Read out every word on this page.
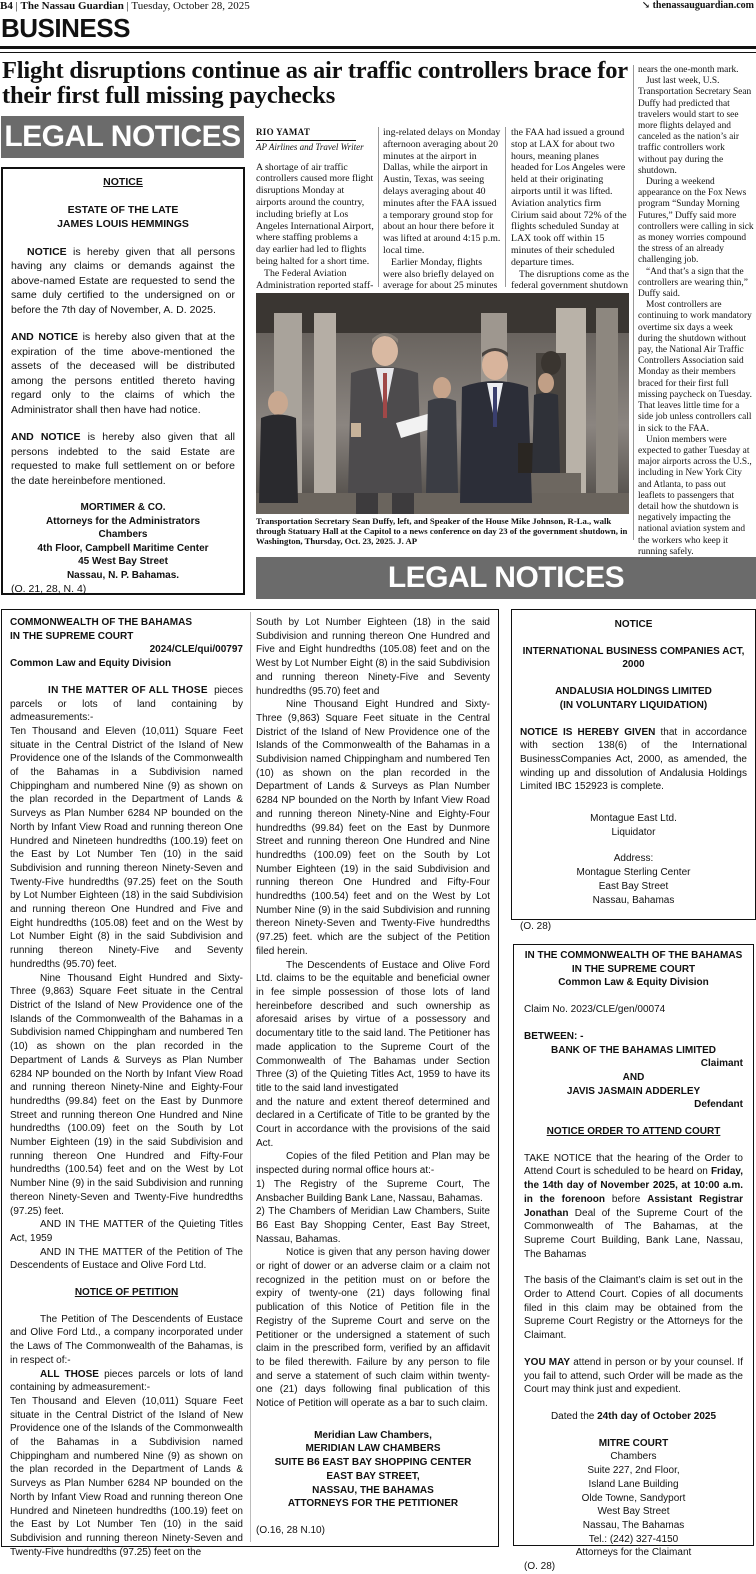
B4 | The Nassau Guardian | Tuesday, October 28, 2025	↘ thenassauguardian.com
BUSINESS
Flight disruptions continue as air traffic controllers brace for their first full missing paychecks
LEGAL NOTICES

NOTICE

ESTATE OF THE LATE

JAMES LOUIS HEMMINGS

NOTICE is hereby given that all persons having any claims or demands against the above-named Estate are requested to send the same duly certified to the undersigned on or before the 7th day of November, A. D. 2025.

AND NOTICE is hereby also given that at the expiration of the time above-mentioned the assets of the deceased will be distributed among the persons entitled thereto having regard only to the claims of which the Administrator shall then have had notice.

AND NOTICE is hereby also given that all persons indebted to the said Estate are requested to make full settlement on or before the date hereinbefore mentioned.

MORTIMER & CO.

Attorneys for the Administrators

Chambers

4th Floor, Campbell Maritime Center

45 West Bay Street

Nassau, N. P. Bahamas.

(O. 21, 28, N. 4)

RIO YAMAT
AP Airlines and Travel Writer

A shortage of air traffic controllers caused more flight disruptions Monday at airports around the country, including briefly at Los Angeles International Airport, where staffing problems a day earlier had led to flights being halted for a short time.

The Federal Aviation Administration reported staff-

ing-related delays on Monday afternoon averaging about 20 minutes at the airport in Dallas, while the airport in Austin, Texas, was seeing delays averaging about 40 minutes after the FAA issued a temporary ground stop for about an hour there before it was lifted at around 4:15 p.m. local time.

Earlier Monday, flights were also briefly delayed on average for about 25 minutes

the FAA had issued a ground stop at LAX for about two hours, meaning planes headed for Los Angeles were held at their originating airports until it was lifted. Aviation analytics firm Cirium said about 72% of the flights scheduled Sunday at LAX took off within 15 minutes of their scheduled departure times.

The disruptions come as the federal government shutdown

nears the one-month mark.

Just last week, U.S. Transportation Secretary Sean Duffy had predicted that travelers would start to see more flights delayed and canceled as the nation’s air traffic controllers work without pay during the shutdown.

During a weekend appearance on the Fox News program “Sunday Morning Futures,” Duffy said more controllers were calling in sick as money worries compound the stress of an already challenging job.

“And that’s a sign that the controllers are wearing thin,” Duffy said.

Most controllers are continuing to work mandatory overtime six days a week during the shutdown without pay, the National Air Traffic Controllers Association said Monday as their members braced for their first full missing paycheck on Tuesday. That leaves little time for a side job unless controllers call in sick to the FAA.

Union members were expected to gather Tuesday at major airports across the U.S., including in New York City and Atlanta, to pass out leaflets to passengers that detail how the shutdown is negatively impacting the national aviation system and the workers who keep it running safely.

Transportation Secretary Sean Duffy, left, and Speaker of the House Mike Johnson, R-La., walk through Statuary Hall at the Capitol to a news conference on day 23 of the government shutdown, in Washington, Thursday, Oct. 23, 2025. J. AP
LEGAL NOTICES

COMMONWEALTH OF THE BAHAMAS

IN THE SUPREME COURT

2024/CLE/qui/00797

Common Law and Equity Division

IN THE MATTER OF ALL THOSE pieces parcels or lots of land containing by admeasurements:-

Ten Thousand and Eleven (10,011) Square Feet situate in the Central District of the Island of New Providence one of the Islands of the Commonwealth of the Bahamas in a Subdivision named Chippingham and numbered Nine (9) as shown on the plan recorded in the Department of Lands & Surveys as Plan Number 6284 NP bounded on the North by Infant View Road and running thereon One Hundred and Nineteen hundredths (100.19) feet on the East by Lot Number Ten (10) in the said Subdivision and running thereon Ninety-Seven and Twenty-Five hundredths (97.25) feet on the South by Lot Number Eighteen (18) in the said Subdivision and running thereon One Hundred and Five and Eight hundredths (105.08) feet and on the West by Lot Number Eight (8) in the said Subdivision and running thereon Ninety-Five and Seventy hundredths (95.70) feet.

Nine Thousand Eight Hundred and Sixty-Three (9,863) Square Feet situate in the Central District of the Island of New Providence one of the Islands of the Commonwealth of the Bahamas in a Subdivision named Chippingham and numbered Ten (10) as shown on the plan recorded in the Department of Lands & Surveys as Plan Number 6284 NP bounded on the North by Infant View Road and running thereon Ninety-Nine and Eighty-Four hundredths (99.84) feet on the East by Dunmore Street and running thereon One Hundred and Nine hundredths (100.09) feet on the South by Lot Number Eighteen (19) in the said Subdivision and running thereon One Hundred and Fifty-Four hundredths (100.54) feet and on the West by Lot Number Nine (9) in the said Subdivision and running thereon Ninety-Seven and Twenty-Five hundredths (97.25) feet.

AND IN THE MATTER of the Quieting Titles Act, 1959

AND IN THE MATTER of the Petition of The Descendents of Eustace and Olive Ford Ltd.

NOTICE OF PETITION

The Petition of The Descendents of Eustace and Olive Ford Ltd., a company incorporated under the Laws of The Commonwealth of the Bahamas, is in respect of:-

ALL THOSE pieces parcels or lots of land containing by admeasurement:-

Ten Thousand and Eleven (10,011) Square Feet situate in the Central District of the Island of New Providence one of the Islands of the Commonwealth of the Bahamas in a Subdivision named Chippingham and numbered Nine (9) as shown on the plan recorded in the Department of Lands & Surveys as Plan Number 6284 NP bounded on the North by Infant View Road and running thereon One Hundred and Nineteen hundredths (100.19) feet on the East by Lot Number Ten (10) in the said Subdivision and running thereon Ninety-Seven and Twenty-Five hundredths (97.25) feet on the

South by Lot Number Eighteen (18) in the said Subdivision and running thereon One Hundred and Five and Eight hundredths (105.08) feet and on the West by Lot Number Eight (8) in the said Subdivision and running thereon Ninety-Five and Seventy hundredths (95.70) feet and

Nine Thousand Eight Hundred and Sixty-Three (9,863) Square Feet situate in the Central District of the Island of New Providence one of the Islands of the Commonwealth of the Bahamas in a Subdivision named Chippingham and numbered Ten (10) as shown on the plan recorded in the Department of Lands & Surveys as Plan Number 6284 NP bounded on the North by Infant View Road and running thereon Ninety-Nine and Eighty-Four hundredths (99.84) feet on the East by Dunmore Street and running thereon One Hundred and Nine hundredths (100.09) feet on the South by Lot Number Eighteen (19) in the said Subdivision and running thereon One Hundred and Fifty-Four hundredths (100.54) feet and on the West by Lot Number Nine (9) in the said Subdivision and running thereon Ninety-Seven and Twenty-Five hundredths (97.25) feet. which are the subject of the Petition filed herein.

The Descendents of Eustace and Olive Ford Ltd. claims to be the equitable and beneficial owner in fee simple possession of those lots of land hereinbefore described and such ownership as aforesaid arises by virtue of a possessory and documentary title to the said land. The Petitioner has made application to the Supreme Court of the Commonwealth of The Bahamas under Section Three (3) of the Quieting Titles Act, 1959 to have its title to the said land investigated

and the nature and extent thereof determined and declared in a Certificate of Title to be granted by the Court in accordance with the provisions of the said Act.

Copies of the filed Petition and Plan may be inspected during normal office hours at:-

1) The Registry of the Supreme Court, The Ansbacher Building Bank Lane, Nassau, Bahamas.

2) The Chambers of Meridian Law Chambers, Suite B6 East Bay Shopping Center, East Bay Street, Nassau, Bahamas.

Notice is given that any person having dower or right of dower or an adverse claim or a claim not recognized in the petition must on or before the expiry of twenty-one (21) days following final publication of this Notice of Petition file in the Registry of the Supreme Court and serve on the Petitioner or the undersigned a statement of such claim in the prescribed form, verified by an affidavit to be filed therewith. Failure by any person to file and serve a statement of such claim within twenty-one (21) days following final publication of this Notice of Petition will operate as a bar to such claim.

Meridian Law Chambers,

MERIDIAN LAW CHAMBERS

SUITE B6 EAST BAY SHOPPING CENTER

EAST BAY STREET,

NASSAU, THE BAHAMAS

ATTORNEYS FOR THE PETITIONER

(O.16, 28 N.10)

NOTICE

INTERNATIONAL BUSINESS COMPANIES ACT, 2000

ANDALUSIA HOLDINGS LIMITED

(IN VOLUNTARY LIQUIDATION)

NOTICE IS HEREBY GIVEN that in accordance with section 138(6) of the International BusinessCompanies Act, 2000, as amended, the winding up and dissolution of Andalusia Holdings Limited IBC 152923 is complete.

Montague East Ltd.

Liquidator

Address:

Montague Sterling Center

East Bay Street

Nassau, Bahamas

(O. 28)

IN THE COMMONWEALTH OF THE BAHAMAS

IN THE SUPREME COURT

Common Law & Equity Division

Claim No. 2023/CLE/gen/00074

BETWEEN: -

BANK OF THE BAHAMAS LIMITED

Claimant

AND

JAVIS JASMAIN ADDERLEY

Defendant

NOTICE ORDER TO ATTEND COURT

TAKE NOTICE that the hearing of the Order to Attend Court is scheduled to be heard on Friday, the 14th day of November 2025, at 10:00 a.m. in the forenoon before Assistant Registrar Jonathan Deal of the Supreme Court of the Commonwealth of The Bahamas, at the Supreme Court Building, Bank Lane, Nassau, The Bahamas

The basis of the Claimant’s claim is set out in the Order to Attend Court. Copies of all documents filed in this claim may be obtained from the Supreme Court Registry or the Attorneys for the Claimant.

YOU MAY attend in person or by your counsel. If you fail to attend, such Order will be made as the Court may think just and expedient.

Dated the 24th day of October 2025

MITRE COURT

Chambers

Suite 227, 2nd Floor,

Island Lane Building

Olde Towne, Sandyport

West Bay Street

Nassau, The Bahamas

Tel.: (242) 327-4150

Attorneys for the Claimant

(O. 28)
